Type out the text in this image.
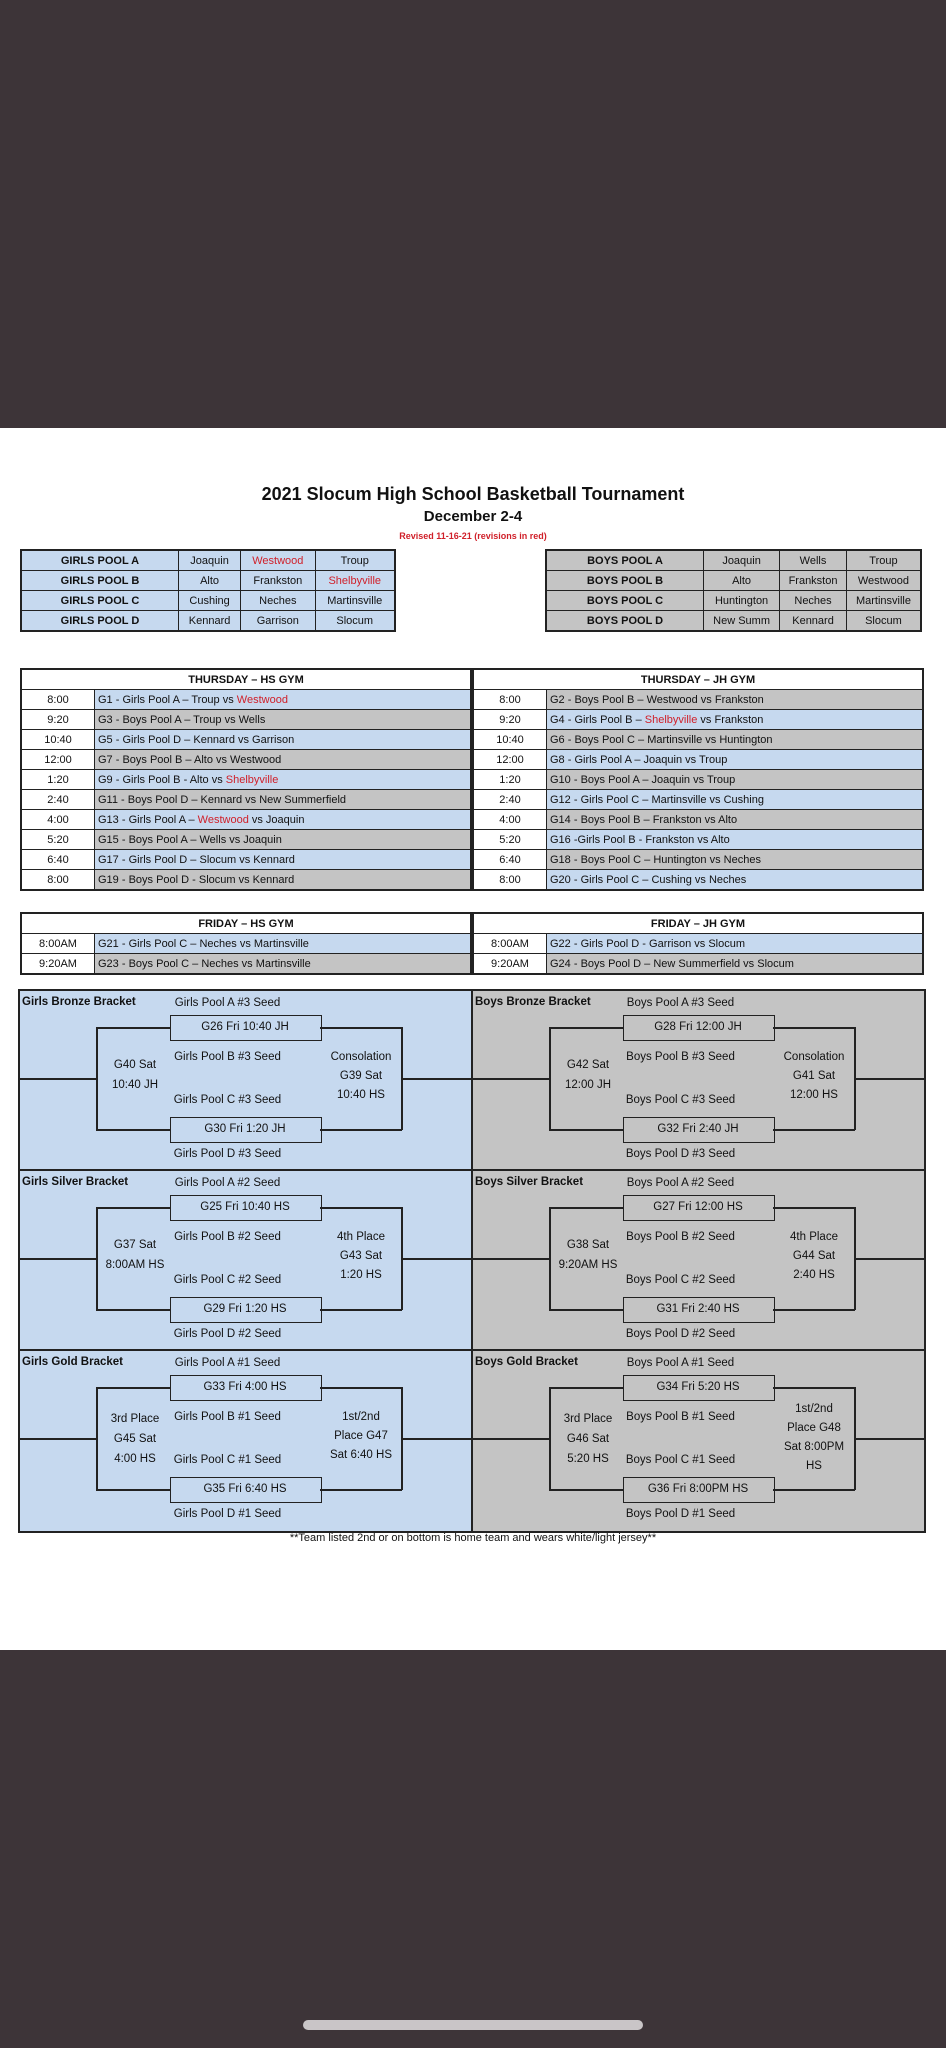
2021 Slocum High School Basketball Tournament
December 2-4
Revised 11-16-21 (revisions in red)
GIRLS POOL A	Joaquin	Westwood	Troup
GIRLS POOL B	Alto	Frankston	Shelbyville
GIRLS POOL C	Cushing	Neches	Martinsville
GIRLS POOL D	Kennard	Garrison	Slocum
BOYS POOL A	Joaquin	Wells	Troup
BOYS POOL B	Alto	Frankston	Westwood
BOYS POOL C	Huntington	Neches	Martinsville
BOYS POOL D	New Summ	Kennard	Slocum
THURSDAY – HS GYM	
8:00	G1 - Girls Pool A – Troup vs Westwood
9:20	G3 - Boys Pool A – Troup vs Wells
10:40	G5 - Girls Pool D – Kennard vs Garrison
12:00	G7 - Boys Pool B – Alto vs Westwood
1:20	G9 - Girls Pool B - Alto vs Shelbyville
2:40	G11 - Boys Pool D – Kennard vs New Summerfield
4:00	G13 - Girls Pool A – Westwood vs Joaquin
5:20	G15 - Boys Pool A – Wells vs Joaquin
6:40	G17 - Girls Pool D – Slocum vs Kennard
8:00	G19 - Boys Pool D - Slocum vs Kennard
THURSDAY – JH GYM	
8:00	G2 - Boys Pool B – Westwood vs Frankston
9:20	G4 - Girls Pool B – Shelbyville vs Frankston
10:40	G6 - Boys Pool C – Martinsville vs Huntington
12:00	G8 - Girls Pool A – Joaquin vs Troup
1:20	G10 - Boys Pool A – Joaquin vs Troup
2:40	G12 - Girls Pool C – Martinsville vs Cushing
4:00	G14 - Boys Pool B – Frankston vs Alto
5:20	G16 -Girls Pool B - Frankston vs Alto
6:40	G18 - Boys Pool C – Huntington vs Neches
8:00	G20 - Girls Pool C – Cushing vs Neches
FRIDAY – HS GYM	
8:00AM	G21 - Girls Pool C – Neches vs Martinsville
9:20AM	G23 - Boys Pool C – Neches vs Martinsville
FRIDAY – JH GYM	
8:00AM	G22 - Girls Pool D - Garrison vs Slocum
9:20AM	G24 - Boys Pool D – New Summerfield vs Slocum
Girls Bronze Bracket	Girls Pool A #3 Seed
Girls Pool B #3 Seed
Girls Pool C #3 Seed
Girls Pool D #3 Seed
G26 Fri 10:40 JH
G30 Fri 1:20 JH
G40 Sat
10:40 JH
Consolation
G39 Sat
10:40 HS
Boys Bronze Bracket	Boys Pool A #3 Seed
Boys Pool B #3 Seed
Boys Pool C #3 Seed
Boys Pool D #3 Seed
G28 Fri 12:00 JH
G32 Fri 2:40 JH
G42 Sat
12:00 JH
Consolation
G41 Sat
12:00 HS
Girls Silver Bracket	Girls Pool A #2 Seed
Girls Pool B #2 Seed
Girls Pool C #2 Seed
Girls Pool D #2 Seed
G25 Fri 10:40 HS
G29 Fri 1:20 HS
G37 Sat
8:00AM HS
4th Place
G43 Sat
1:20 HS
Boys Silver Bracket	Boys Pool A #2 Seed
Boys Pool B #2 Seed
Boys Pool C #2 Seed
Boys Pool D #2 Seed
G27 Fri 12:00 HS
G31 Fri 2:40 HS
G38 Sat
9:20AM HS
4th Place
G44 Sat
2:40 HS
Girls Gold Bracket	Girls Pool A #1 Seed
Girls Pool B #1 Seed
Girls Pool C #1 Seed
Girls Pool D #1 Seed
G33 Fri 4:00 HS
G35 Fri 6:40 HS
3rd Place
G45 Sat
4:00 HS
1st/2nd
Place G47
Sat 6:40 HS
Boys Gold Bracket	Boys Pool A #1 Seed
Boys Pool B #1 Seed
Boys Pool C #1 Seed
Boys Pool D #1 Seed
G34 Fri 5:20 HS
G36 Fri 8:00PM HS
3rd Place
G46 Sat
5:20 HS
1st/2nd
Place G48
Sat 8:00PM
HS
**Team listed 2nd or on bottom is home team and wears white/light jersey**
